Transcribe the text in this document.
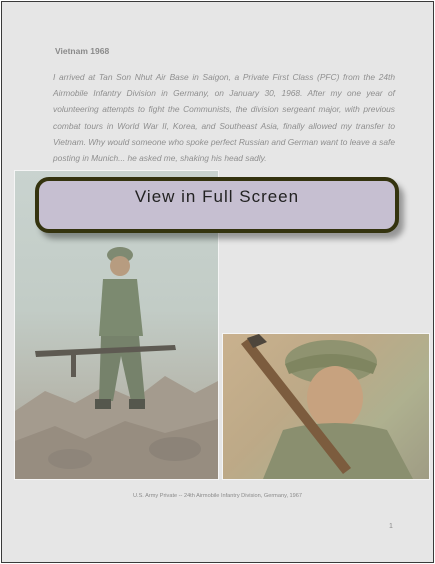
Vietnam 1968

I arrived at Tan Son Nhut Air Base in Saigon, a Private First Class (PFC) from the 24th Airmobile Infantry Division in Germany, on January 30, 1968. After my one year of volunteering attempts to fight the Communists, the division sergeant major, with previous combat tours in World War II, Korea, and Southeast Asia, finally allowed my transfer to Vietnam. Why would someone who spoke perfect Russian and German want to leave a safe posting in Munich... he asked me, shaking his head sadly.

U.S. Army Private -- 24th Airmobile Infantry Division, Germany, 1967
1
View in Full Screen
